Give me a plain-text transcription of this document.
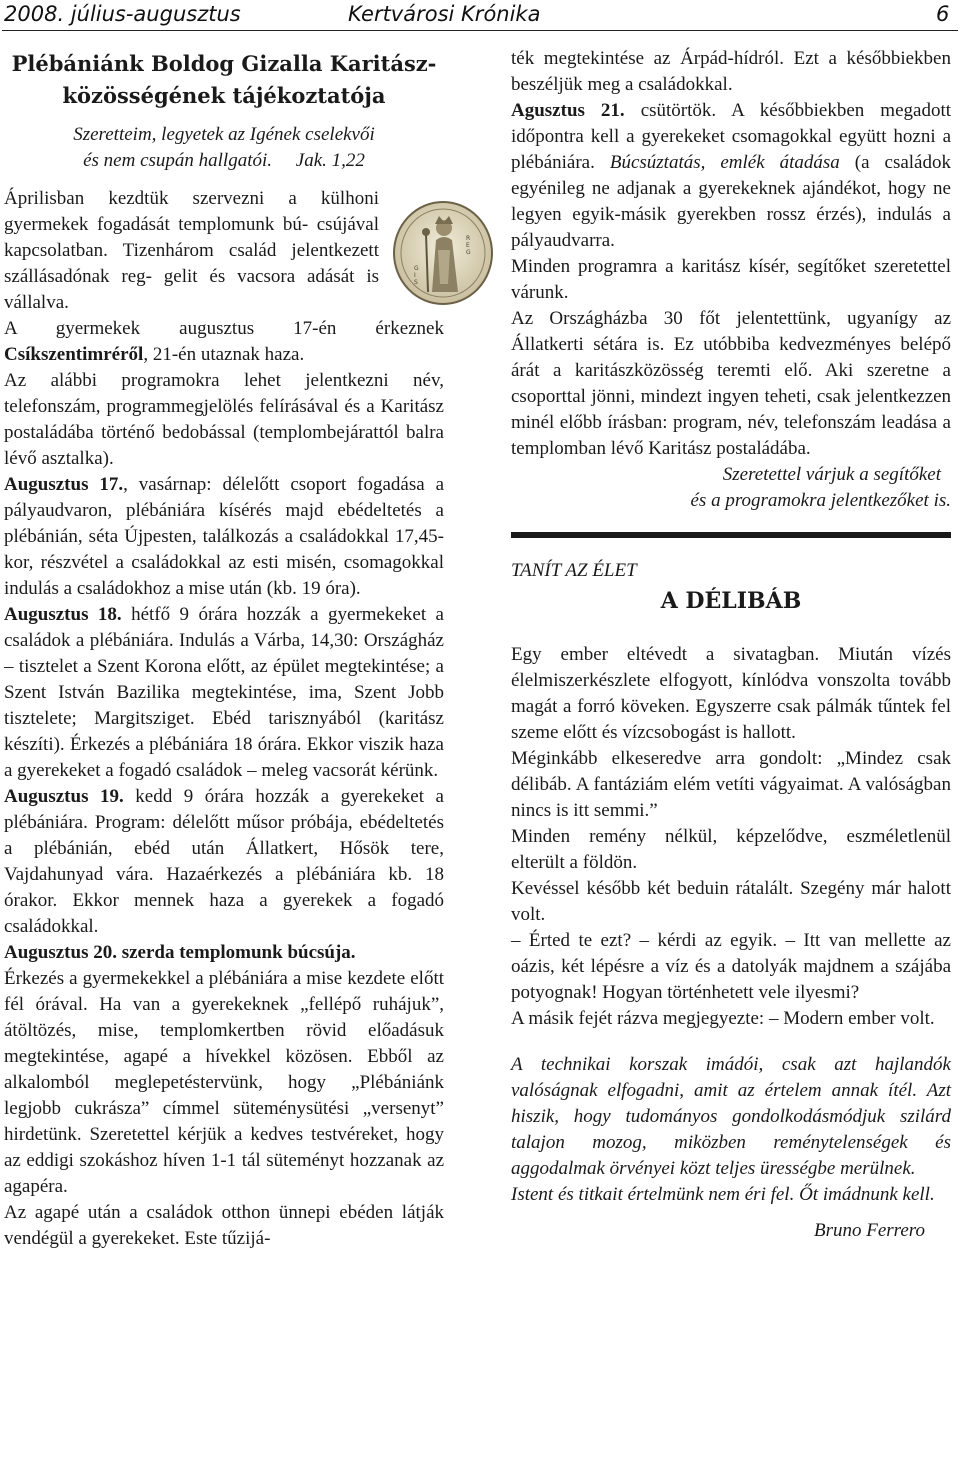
2008. július-augusztus	Kertvárosi Krónika	6
Plébániánk Boldog Gizalla Karitász-
közösségének tájékoztatója

Szeretteim, legyetek az Igének cselekvői
és nem csupán hallgatói.     Jak. 1,22

Áprilisban kezdtük szervezni a külhoni gyermekek fogadását templomunk bú- csújával kapcsolatban. Tizenhárom család jelentkezett szállásadónak reg- gelit és vacsora adását is vállalva.

A gyermekek augusztus 17-én érkeznek Csíkszentimréről, 21-én utaznak haza.

Az alábbi programokra lehet jelentkezni név, telefonszám, programmegjelölés felírásával és a Karitász postaládába történő bedobással (templombejárattól balra lévő asztalka).

Augusztus 17., vasárnap: délelőtt csoport fogadása a pályaudvaron, plébániára kísérés majd ebédeltetés a plébánián, séta Újpesten, találkozás a családokkal 17,45-kor, részvétel a családokkal az esti misén, csomagokkal indulás a családokhoz a mise után (kb. 19 óra).

Augusztus 18. hétfő 9 órára hozzák a gyermekeket a családok a plébániára. Indulás a Várba, 14,30: Országház – tisztelet a Szent Korona előtt, az épület megtekintése; a Szent István Bazilika megtekintése, ima, Szent Jobb tisztelete; Margitsziget. Ebéd tarisznyából (karitász készíti). Érkezés a plébániára 18 órára. Ekkor viszik haza a gyerekeket a fogadó családok – meleg vacsorát kérünk.

Augusztus 19. kedd 9 órára hozzák a gyerekeket a plébániára. Program: délelőtt műsor próbája, ebédeltetés a plébánián, ebéd után Állatkert, Hősök tere, Vajdahunyad vára. Hazaérkezés a plébániára kb. 18 órakor. Ekkor mennek haza a gyerekek a fogadó családokkal.

Augusztus 20. szerda templomunk búcsúja.

Érkezés a gyermekekkel a plébániára a mise kezdete előtt fél órával. Ha van a gyerekeknek „fellépő ruhájuk”, átöltözés, mise, templomkertben rövid előadásuk megtekintése, agapé a hívekkel közösen. Ebből az alkalomból meglepetéstervünk, hogy „Plébániánk legjobb cukrásza” címmel süteménysütési „versenyt” hirdetünk. Szeretettel kérjük a kedves testvéreket, hogy az eddigi szokáshoz híven 1-1 tál süteményt hozzanak az agapéra.

Az agapé után a családok otthon ünnepi ebéden látják vendégül a gyerekeket. Este tűzijá-

G
I
S
R
E
G

ték megtekintése az Árpád-hídról. Ezt a későbbiekben beszéljük meg a családokkal.

Agusztus 21. csütörtök. A későbbiekben megadott időpontra kell a gyerekeket csomagokkal együtt hozni a plébániára. Búcsúztatás, emlék átadása (a családok egyénileg ne adjanak a gyerekeknek ajándékot, hogy ne legyen egyik-másik gyerekben rossz érzés), indulás a pályaudvarra.

Minden programra a karitász kísér, segítőket szeretettel várunk.

Az Országházba 30 főt jelentettünk, ugyanígy az Állatkerti sétára is. Ez utóbbiba kedvezményes belépő árát a karitászközösség teremti elő. Aki szeretne a csoporttal jönni, mindezt ingyen teheti, csak jelentkezzen minél előbb írásban: program, név, telefonszám leadása a templomban lévő Karitász postaládába.

Szeretettel várjuk a segítőket

és a programokra jelentkezőket is.

TANÍT AZ ÉLET

A DÉLIBÁB

Egy ember eltévedt a sivatagban. Miután vízés élelmiszerkészlete elfogyott, kínlódva vonszolta tovább magát a forró köveken. Egyszerre csak pálmák tűntek fel szeme előtt és vízcsobogást is hallott.

Méginkább elkeseredve arra gondolt: „Mindez csak délibáb. A fantáziám elém vetíti vágyaimat. A valóságban nincs is itt semmi.”

Minden remény nélkül, képzelődve, eszméletlenül elterült a földön.

Kevéssel később két beduin rátalált. Szegény már halott volt.

– Érted te ezt? – kérdi az egyik. – Itt van mellette az oázis, két lépésre a víz és a datolyák majdnem a szájába potyognak! Hogyan történhetett vele ilyesmi?

A másik fejét rázva megjegyezte: – Modern ember volt.

A technikai korszak imádói, csak azt hajlandók valóságnak elfogadni, amit az értelem annak ítél. Azt hiszik, hogy tudományos gondolkodásmódjuk szilárd talajon mozog, miközben reménytelenségek és aggodalmak örvényei közt teljes ürességbe merülnek.

Istent és titkait értelmünk nem éri fel. Őt imádnunk kell.

Bruno Ferrero
